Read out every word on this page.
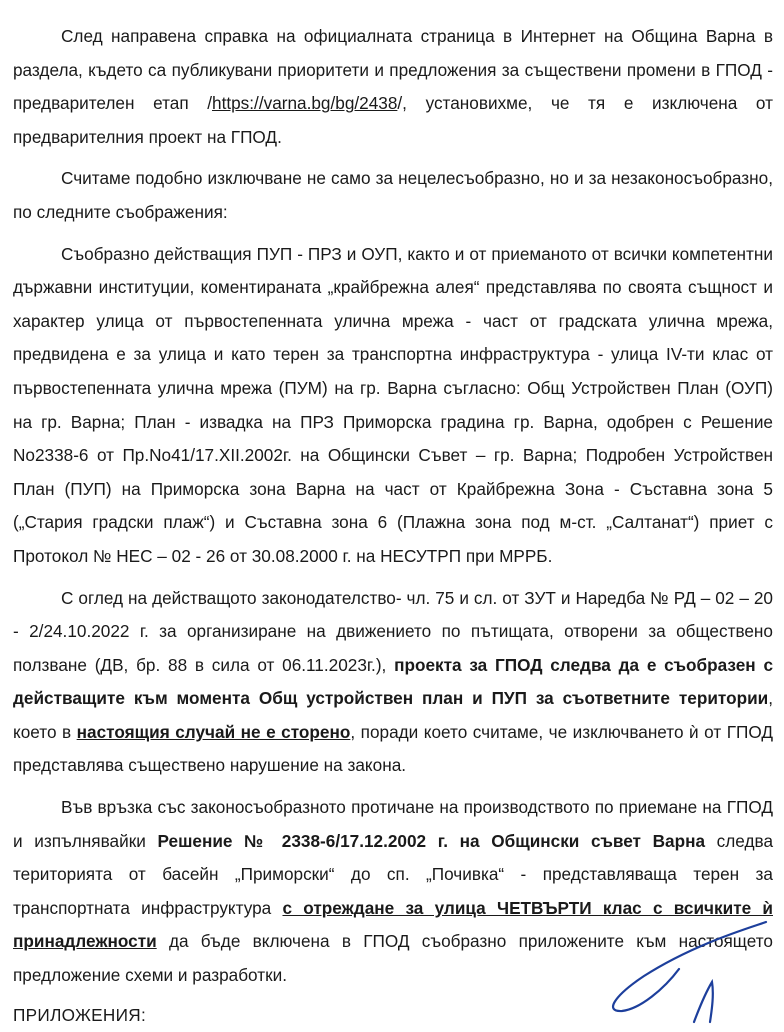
След направена справка на официалната страница в Интернет на Община Варна в раздела, където са публикувани приоритети и предложения за съществени промени в ГПОД - предварителен етап /https://varna.bg/bg/2438/, установихме, че тя е изключена от предварителния проект на ГПОД.

Считаме подобно изключване не само за нецелесъобразно, но и за незаконосъобразно, по следните съображения:

Съобразно действащия ПУП - ПРЗ и ОУП, както и от приеманото от всички компетентни държавни институции, коментираната „крайбрежна алея“ представлява по своята същност и характер улица от първостепенната улична мрежа - част от градската улична мрежа, предвидена е за улица и като терен за транспортна инфраструктура - улица IV-ти клас от първостепенната улична мрежа (ПУМ) на гр. Варна съгласно: Общ Устройствен План (ОУП) на гр. Варна; План - извадка на ПРЗ Приморска градина гр. Варна, одобрен с Решение No2338-6 от Пр.No41/17.XII.2002г. на Общински Съвет – гр. Варна; Подробен Устройствен План (ПУП) на Приморска зона Варна на част от Крайбрежна Зона - Съставна зона 5 („Стария градски плаж“) и Съставна зона 6 (Плажна зона под м-ст. „Салтанат“) приет с Протокол № НЕС – 02 - 26 от 30.08.2000 г. на НЕСУТРП при МРРБ.

С оглед на действащото законодателство- чл. 75 и сл. от ЗУТ и Наредба № РД – 02 – 20 - 2/24.10.2022 г. за организиране на движението по пътищата, отворени за обществено ползване (ДВ, бр. 88 в сила от 06.11.2023г.), проекта за ГПОД следва да е съобразен с действащите към момента Общ устройствен план и ПУП за съответните територии, което в настоящия случай не е сторено, поради което считаме, че изключването ѝ от ГПОД представлява съществено нарушение на закона.

Във връзка със законосъобразното протичане на производството по приемане на ГПОД и изпълнявайки Решение № 2338-6/17.12.2002 г. на Общински съвет Варна следва територията от басейн „Приморски“ до сп. „Почивка“ - представляваща терен за транспортната инфраструктура с отреждане за улица ЧЕТВЪРТИ клас с всичките ѝ принадлежности да бъде включена в ГПОД съобразно приложените към настоящето предложение схеми и разработки.

ПРИЛОЖЕНИЯ:
